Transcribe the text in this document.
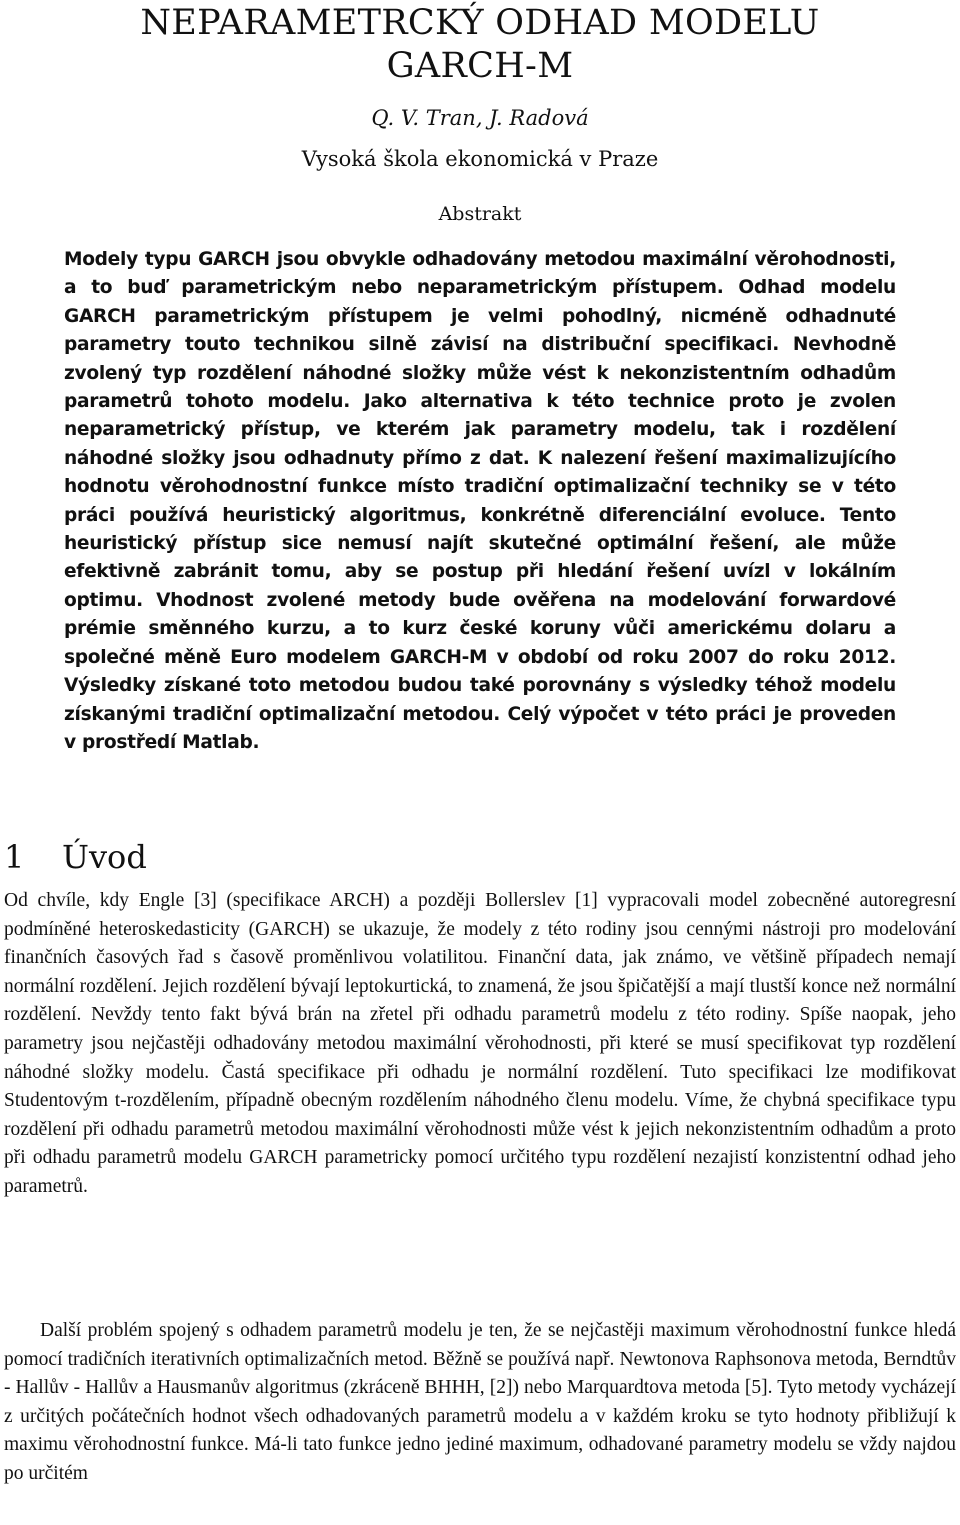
NEPARAMETRCKÝ ODHAD MODELU
GARCH-M
Q. V. Tran, J. Radová
Vysoká škola ekonomická v Praze
Abstrakt

Modely typu GARCH jsou obvykle odhadovány metodou maximální věrohodnosti, a to buď parametrickým nebo neparametrickým přístupem. Odhad modelu GARCH parametrickým přístupem je velmi pohodlný, nicméně odhadnuté parametry touto technikou silně závisí na distribuční specifikaci. Nevhodně zvolený typ rozdělení náhodné složky může vést k nekonzistentním odhadům parametrů tohoto modelu. Jako alternativa k této technice proto je zvolen neparametrický přístup, ve kterém jak parametry modelu, tak i rozdělení náhodné složky jsou odhadnuty přímo z dat. K nalezení řešení maximalizujícího hodnotu věrohodnostní funkce místo tradiční optimalizační techniky se v této práci používá heuristický algoritmus, konkrétně diferenciální evoluce. Tento heuristický přístup sice nemusí najít skutečné optimální řešení, ale může efektivně zabránit tomu, aby se postup při hledání řešení uvízl v lokálním optimu. Vhodnost zvolené metody bude ověřena na modelování forwardové prémie směnného kurzu, a to kurz české koruny vůči americkému dolaru a společné měně Euro modelem GARCH-M v období od roku 2007 do roku 2012. Výsledky získané toto metodou budou také porovnány s výsledky téhož modelu získanými tradiční optimalizační metodou. Celý výpočet v této práci je proveden v prostředí Matlab.

1 Úvod

Od chvíle, kdy Engle [3] (specifikace ARCH) a později Bollerslev [1] vypracovali model zobecněné autoregresní podmíněné heteroskedasticity (GARCH) se ukazuje, že modely z této rodiny jsou cennými nástroji pro modelování finančních časových řad s časově proměnlivou volatilitou. Finanční data, jak známo, ve většině případech nemají normální rozdělení. Jejich rozdělení bývají leptokurtická, to znamená, že jsou špičatější a mají tlustší konce než normální rozdělení. Nevždy tento fakt bývá brán na zřetel při odhadu parametrů modelu z této rodiny. Spíše naopak, jeho parametry jsou nejčastěji odhadovány metodou maximální věrohodnosti, při které se musí specifikovat typ rozdělení náhodné složky modelu. Častá specifikace při odhadu je normální rozdělení. Tuto specifikaci lze modifikovat Studentovým t-rozdělením, případně obecným rozdělením náhodného členu modelu. Víme, že chybná specifikace typu rozdělení při odhadu parametrů metodou maximální věrohodnosti může vést k jejich nekonzistentním odhadům a proto při odhadu parametrů modelu GARCH parametricky pomocí určitého typu rozdělení nezajistí konzistentní odhad jeho parametrů.

Další problém spojený s odhadem parametrů modelu je ten, že se nejčastěji maximum věrohodnostní funkce hledá pomocí tradičních iterativních optimalizačních metod. Běžně se používá např. Newtonova Raphsonova metoda, Berndtův - Hallův - Hallův a Hausmanův algoritmus (zkráceně BHHH, [2]) nebo Marquardtova metoda [5]. Tyto metody vycházejí z určitých počátečních hodnot všech odhadovaných parametrů modelu a v každém kroku se tyto hodnoty přibližují k maximu věrohodnostní funkce. Má-li tato funkce jedno jediné maximum, odhadované parametry modelu se vždy najdou po určitém
